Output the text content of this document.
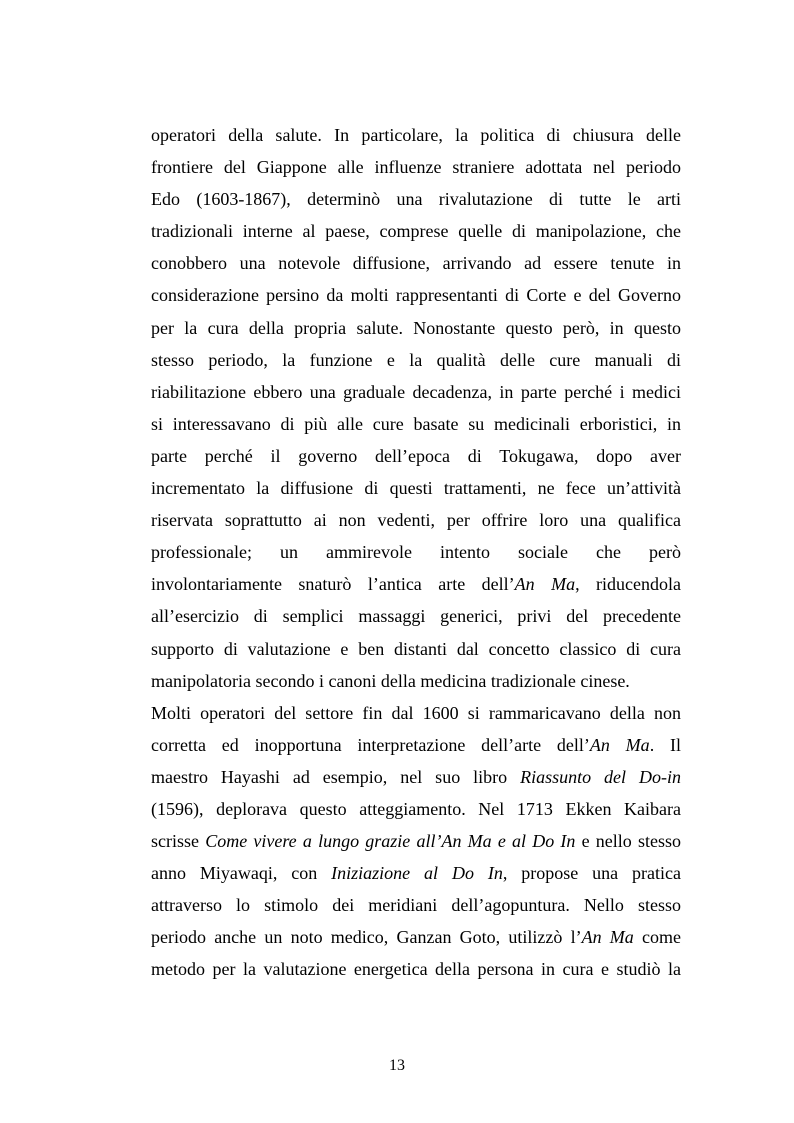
operatori della salute. In particolare, la politica di chiusura delle
frontiere del Giappone alle influenze straniere adottata nel periodo
Edo (1603-1867), determinò una rivalutazione di tutte le arti
tradizionali interne al paese, comprese quelle di manipolazione, che
conobbero una notevole diffusione, arrivando ad essere tenute in
considerazione persino da molti rappresentanti di Corte e del Governo
per la cura della propria salute. Nonostante questo però, in questo
stesso periodo, la funzione e la qualità delle cure manuali di
riabilitazione ebbero una graduale decadenza, in parte perché i medici
si interessavano di più alle cure basate su medicinali erboristici, in
parte perché il governo dell’epoca di Tokugawa, dopo aver
incrementato la diffusione di questi trattamenti, ne fece un’attività
riservata soprattutto ai non vedenti, per offrire loro una qualifica
professionale; un ammirevole intento sociale che però
involontariamente snaturò l’antica arte dell’An Ma, riducendola
all’esercizio di semplici massaggi generici, privi del precedente
supporto di valutazione e ben distanti dal concetto classico di cura
manipolatoria secondo i canoni della medicina tradizionale cinese.
Molti operatori del settore fin dal 1600 si rammaricavano della non
corretta ed inopportuna interpretazione dell’arte dell’An Ma. Il
maestro Hayashi ad esempio, nel suo libro Riassunto del Do-in
(1596), deplorava questo atteggiamento. Nel 1713 Ekken Kaibara
scrisse Come vivere a lungo grazie all’An Ma e al Do In e nello stesso
anno Miyawaqi, con Iniziazione al Do In, propose una pratica
attraverso lo stimolo dei meridiani dell’agopuntura. Nello stesso
periodo anche un noto medico, Ganzan Goto, utilizzò l’An Ma come
metodo per la valutazione energetica della persona in cura e studiò la
13
